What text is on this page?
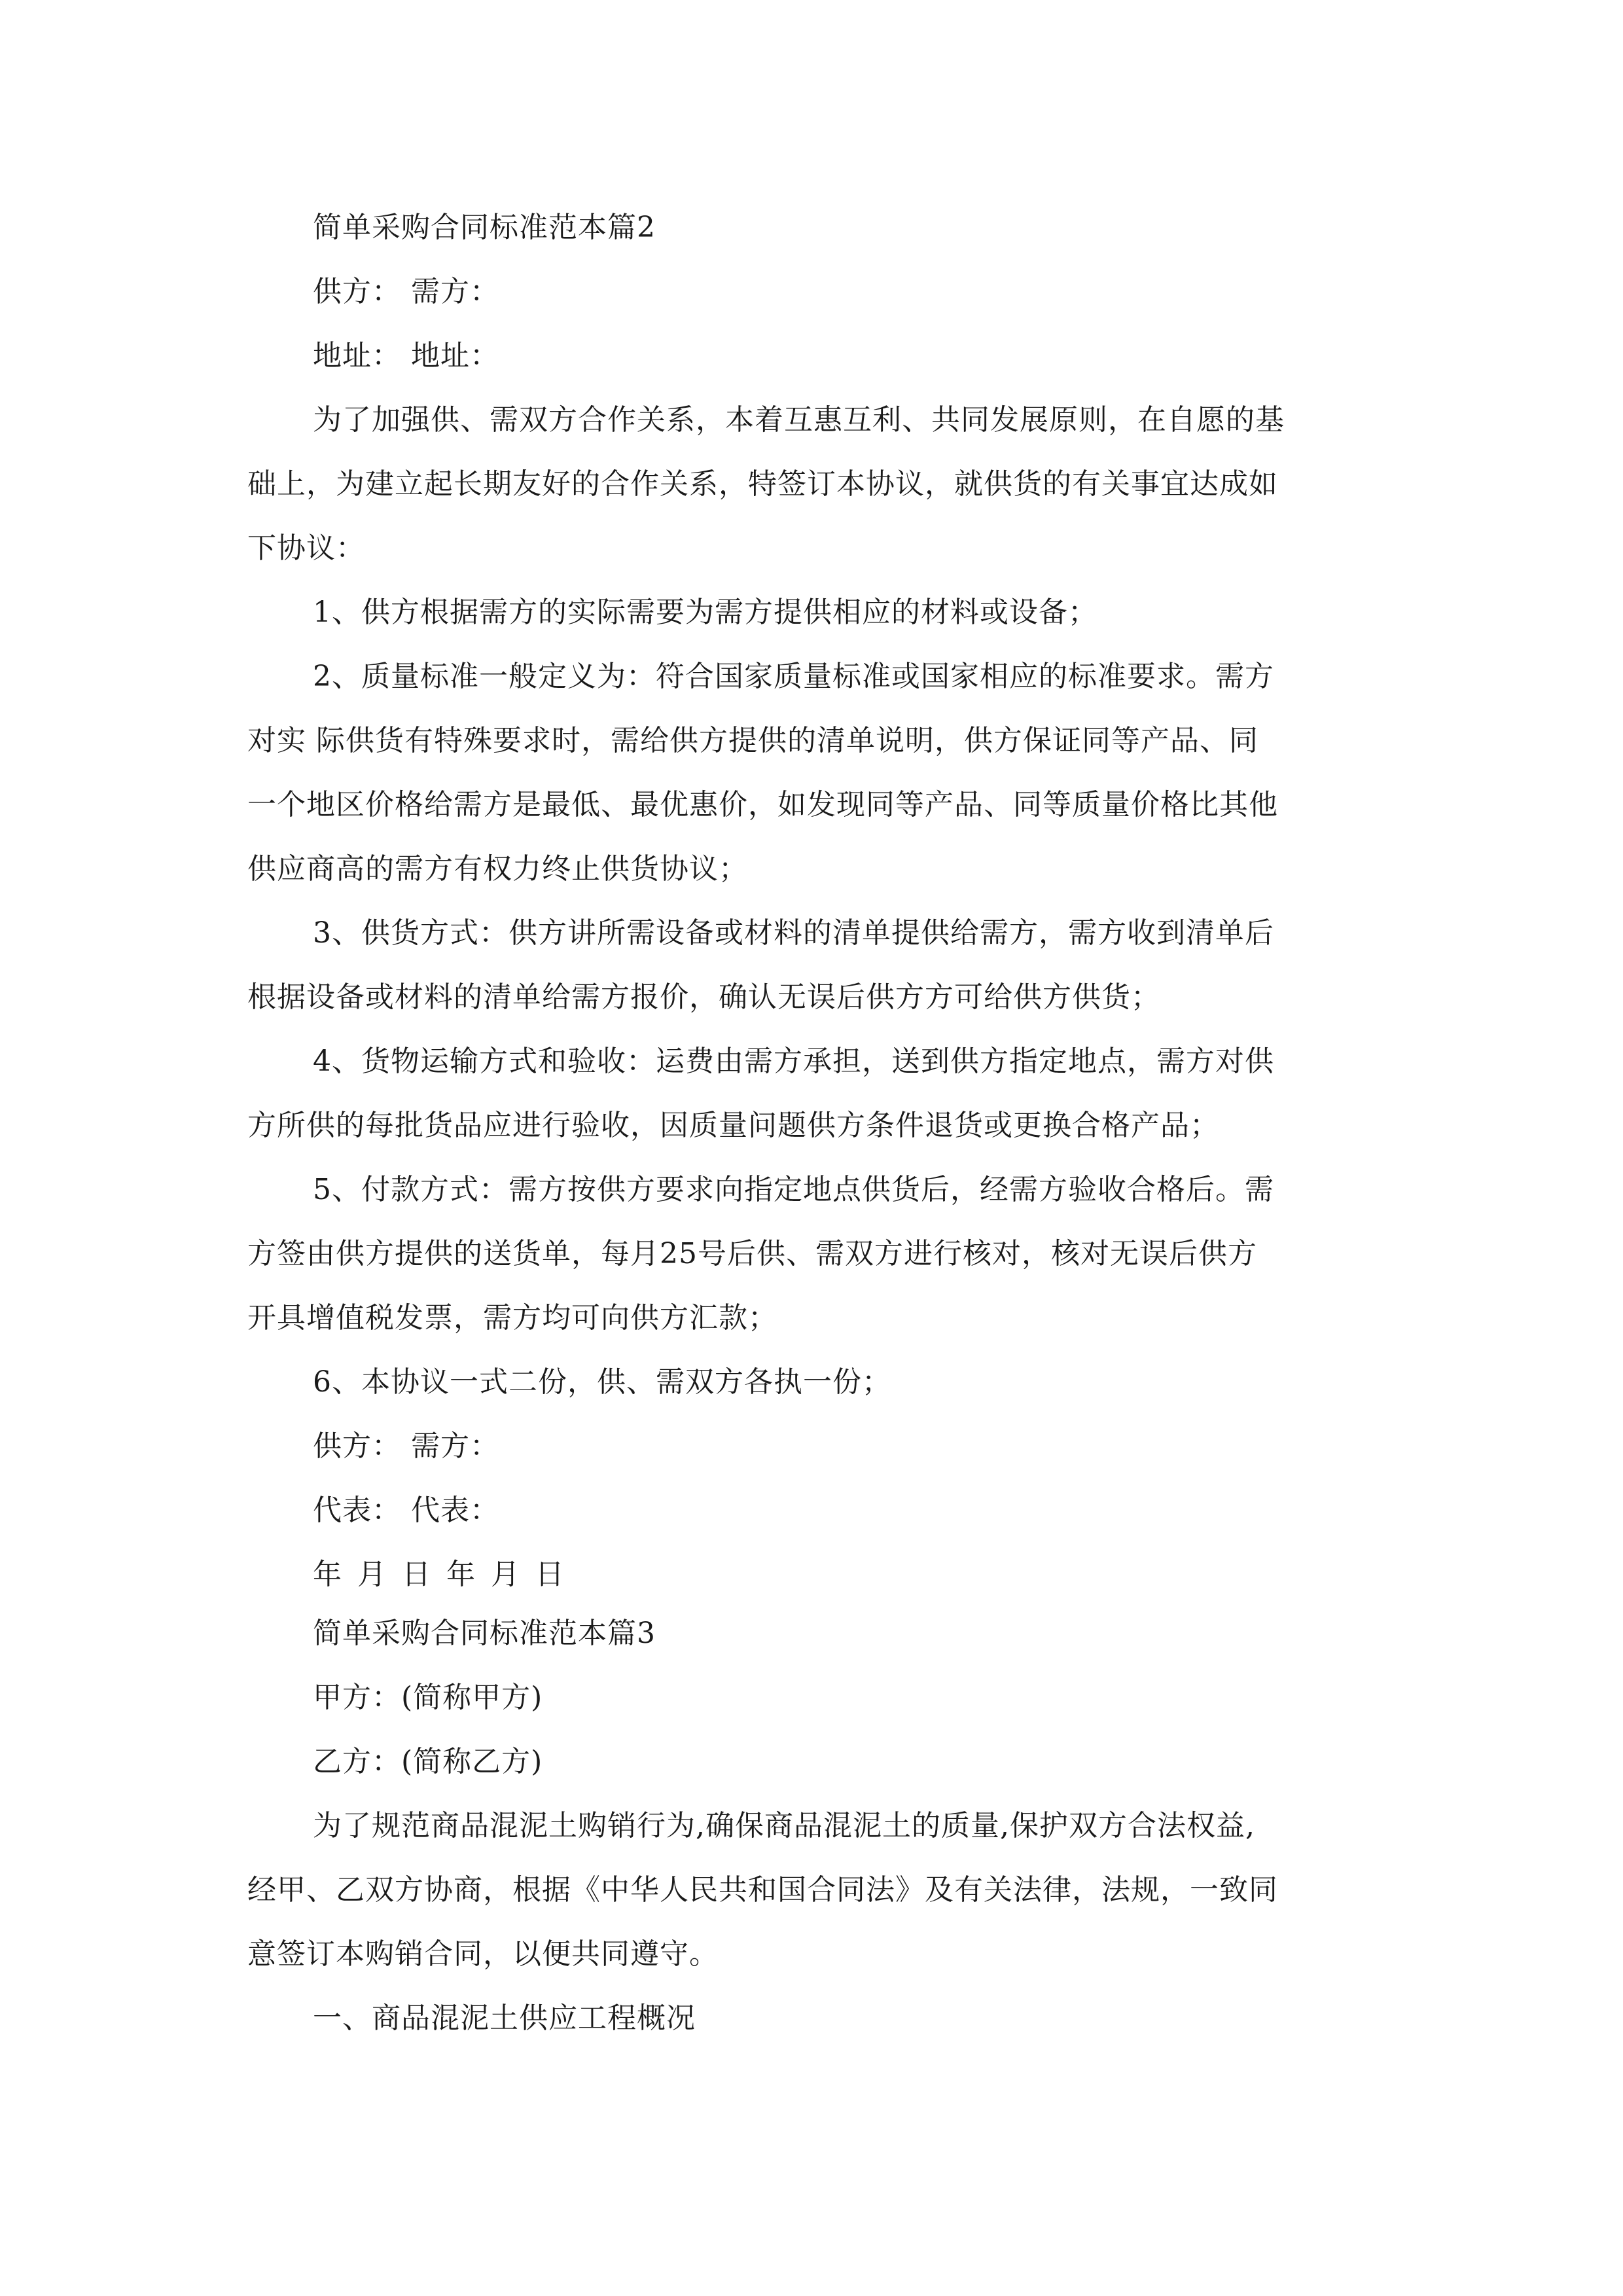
简单采购合同标准范本篇2
供方： 需方：
地址： 地址：
为了加强供、需双方合作关系，本着互惠互利、共同发展原则，在自愿的基
础上，为建立起长期友好的合作关系，特签订本协议，就供货的有关事宜达成如
下协议：
1、供方根据需方的实际需要为需方提供相应的材料或设备；
2、质量标准一般定义为：符合国家质量标准或国家相应的标准要求。需方
对实 际供货有特殊要求时，需给供方提供的清单说明，供方保证同等产品、同
一个地区价格给需方是最低、最优惠价，如发现同等产品、同等质量价格比其他
供应商高的需方有权力终止供货协议；
3、供货方式：供方讲所需设备或材料的清单提供给需方，需方收到清单后
根据设备或材料的清单给需方报价，确认无误后供方方可给供方供货；
4、货物运输方式和验收：运费由需方承担，送到供方指定地点，需方对供
方所供的每批货品应进行验收，因质量问题供方条件退货或更换合格产品；
5、付款方式：需方按供方要求向指定地点供货后，经需方验收合格后。需
方签由供方提供的送货单，每月25号后供、需双方进行核对，核对无误后供方
开具增值税发票，需方均可向供方汇款；
6、本协议一式二份，供、需双方各执一份；
供方： 需方：
代表： 代表：
年 月 日 年 月 日
简单采购合同标准范本篇3
甲方：(简称甲方)
乙方：(简称乙方)
为了规范商品混泥土购销行为,确保商品混泥土的质量,保护双方合法权益,
经甲、乙双方协商，根据《中华人民共和国合同法》及有关法律，法规，一致同
意签订本购销合同，以便共同遵守。
一、商品混泥土供应工程概况
